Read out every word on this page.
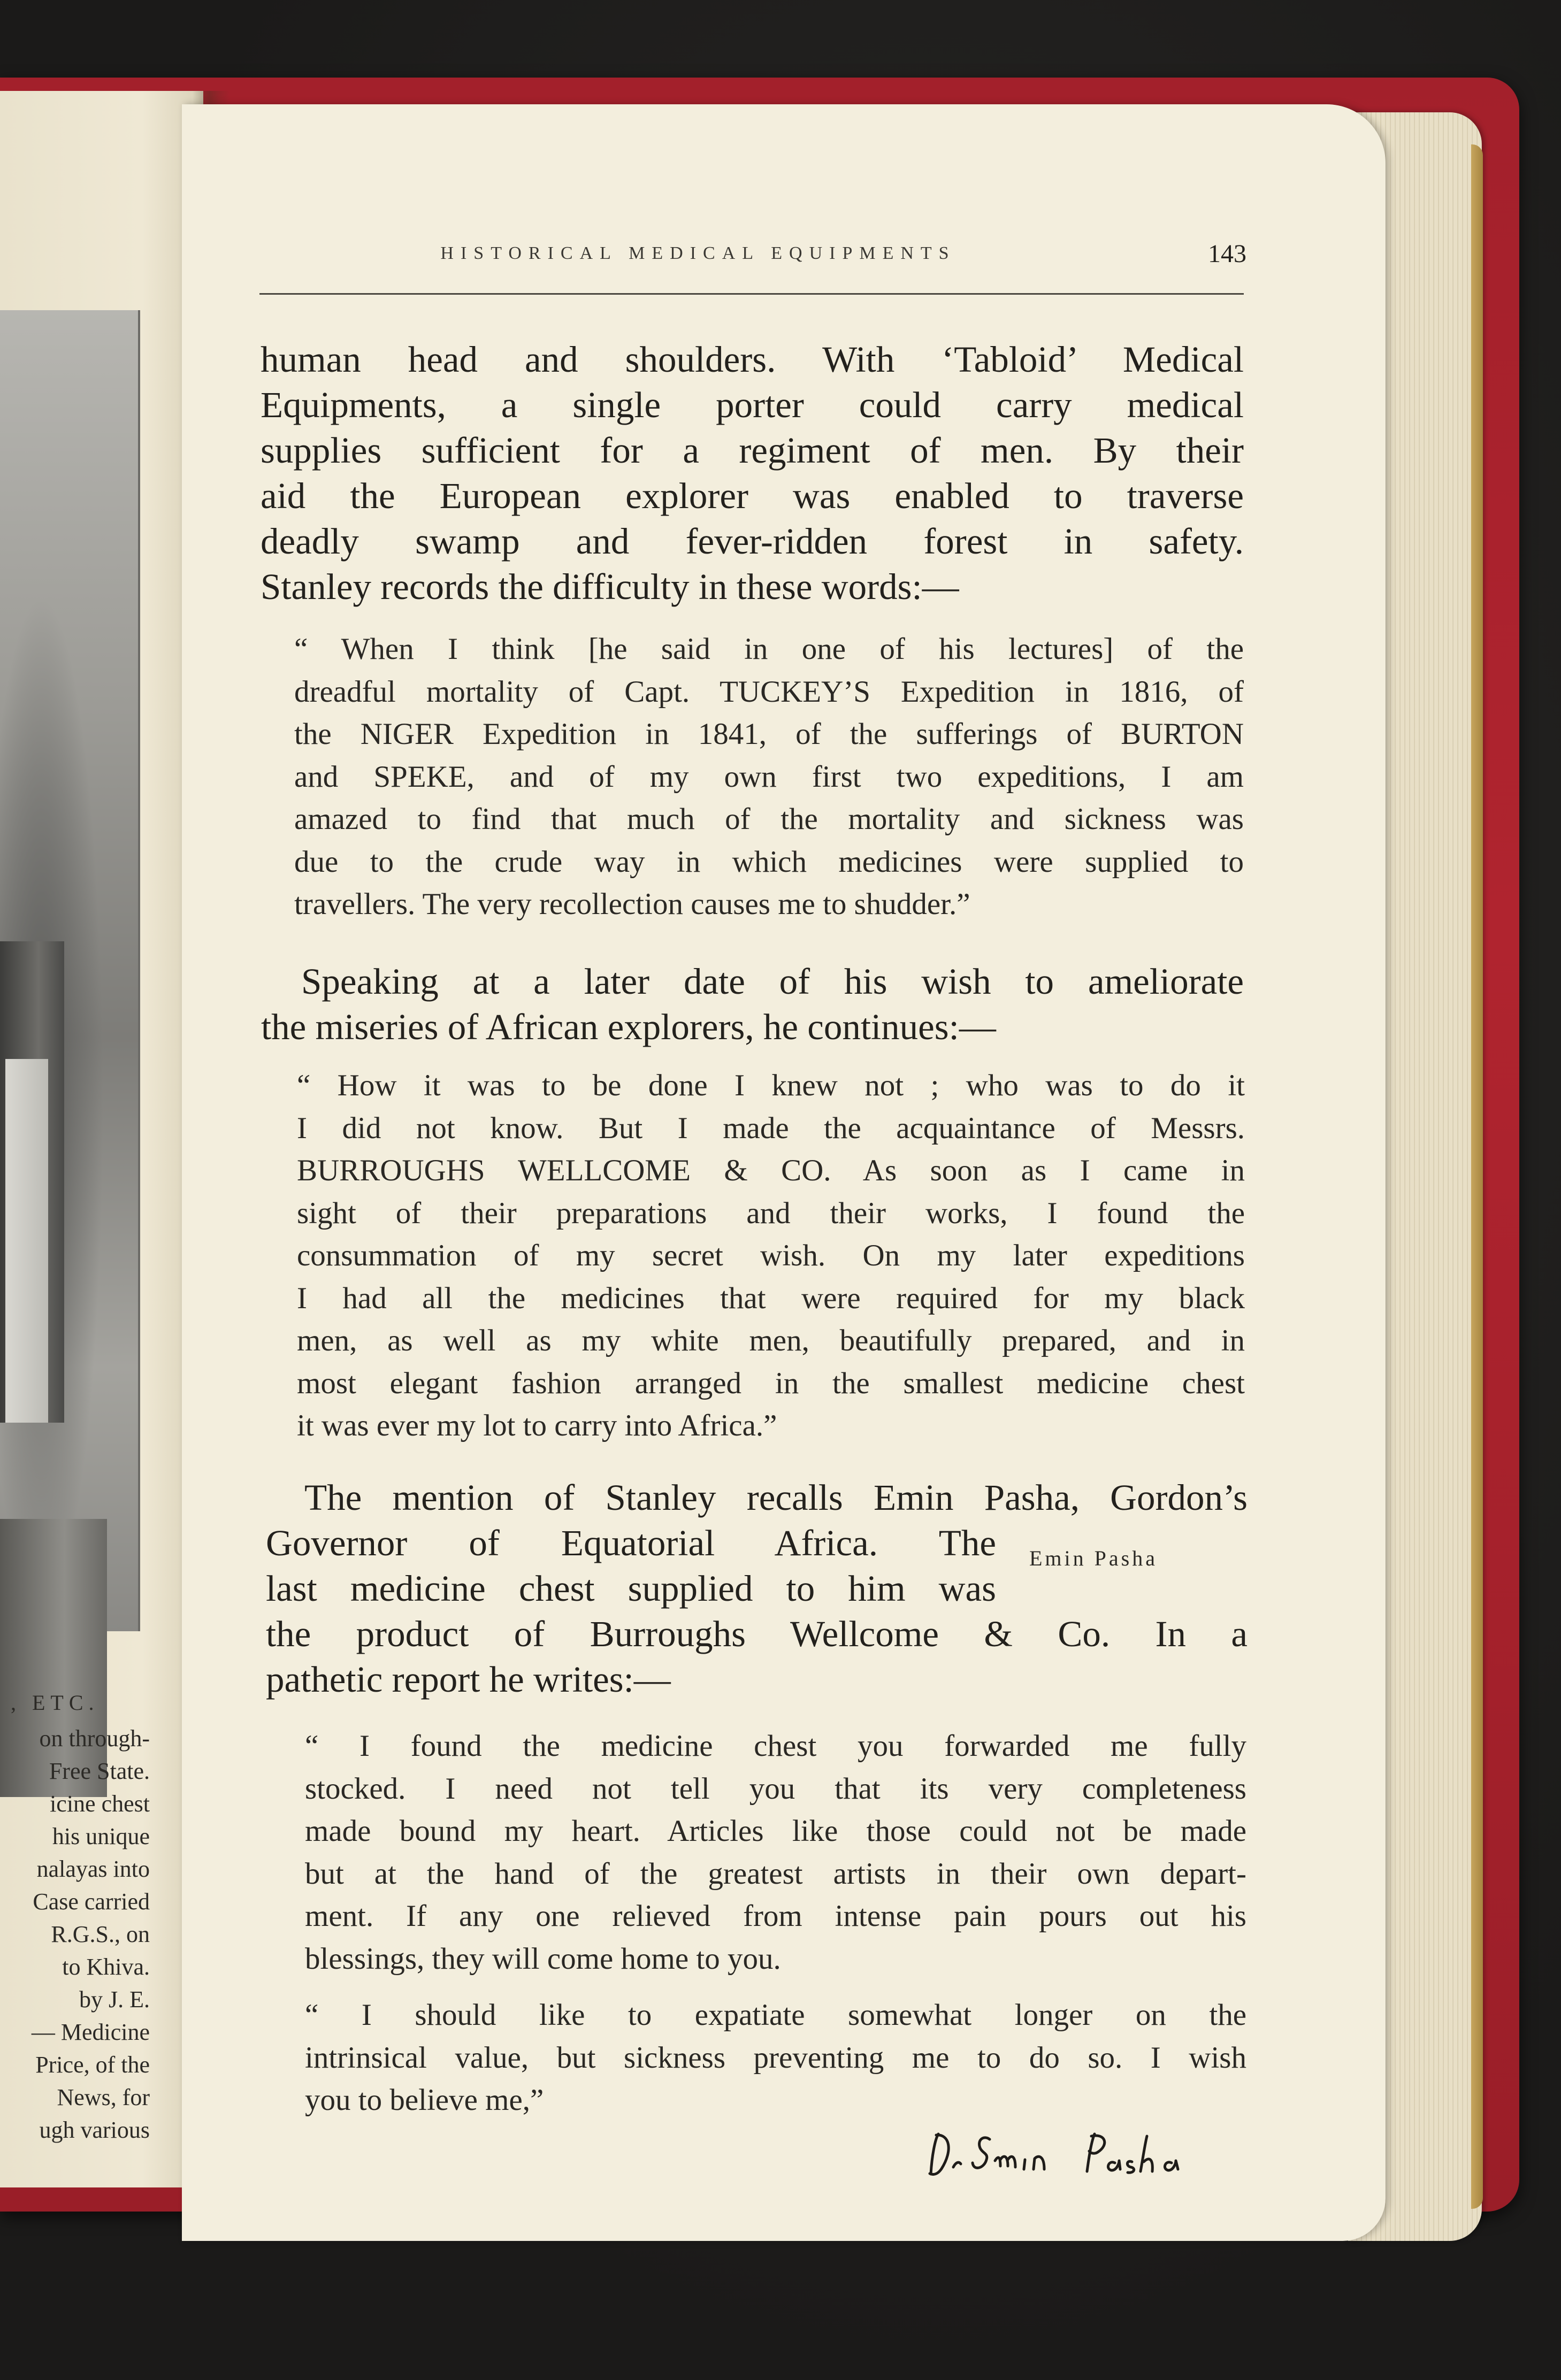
, ETC.
on through-
Free State.
icine chest
his unique
nalayas into
Case carried
R.G.S., on
to Khiva.
by J. E.
— Medicine
Price, of the
News, for
ugh various
HISTORICAL MEDICAL EQUIPMENTS	143
human head and shoulders. With ‘Tabloid’ Medical
Equipments, a single porter could carry medical
supplies sufficient for a regiment of men. By their
aid the European explorer was enabled to traverse
deadly swamp and fever-ridden forest in safety.
Stanley records the difficulty in these words:—
“ When I think [he said in one of his lectures] of the
dreadful mortality of Capt. TUCKEY’S Expedition in 1816, of
the NIGER Expedition in 1841, of the sufferings of BURTON
and SPEKE, and of my own first two expeditions, I am
amazed to find that much of the mortality and sickness was
due to the crude way in which medicines were supplied to
travellers. The very recollection causes me to shudder.”
Speaking at a later date of his wish to ameliorate
the miseries of African explorers, he continues:—
“ How it was to be done I knew not ; who was to do it
I did not know. But I made the acquaintance of Messrs.
BURROUGHS WELLCOME & CO. As soon as I came in
sight of their preparations and their works, I found the
consummation of my secret wish. On my later expeditions
I had all the medicines that were required for my black
men, as well as my white men, beautifully prepared, and in
most elegant fashion arranged in the smallest medicine chest
it was ever my lot to carry into Africa.”
The mention of Stanley recalls Emin Pasha, Gordon’s
Governor of Equatorial Africa. The
last medicine chest supplied to him was
the product of Burroughs Wellcome & Co. In a
pathetic report he writes:—
Emin Pasha
“ I found the medicine chest you forwarded me fully
stocked. I need not tell you that its very completeness
made bound my heart. Articles like those could not be made
but at the hand of the greatest artists in their own depart-
ment. If any one relieved from intense pain pours out his
blessings, they will come home to you.
“ I should like to expatiate somewhat longer on the
intrinsical value, but sickness preventing me to do so. I wish
you to believe me,”
